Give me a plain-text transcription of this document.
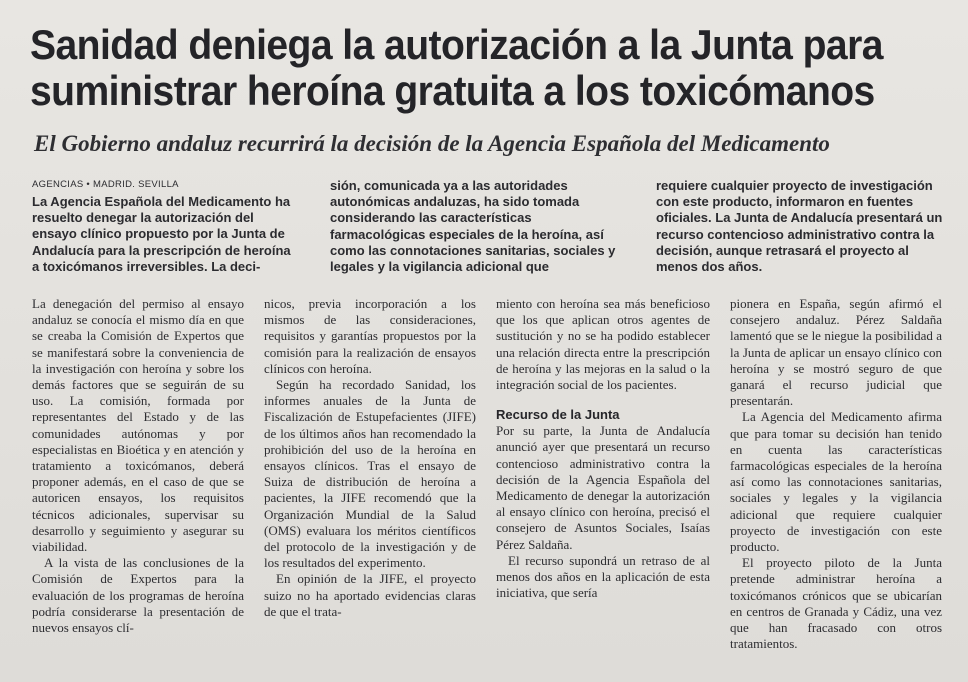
Sanidad deniega la autorización a la Junta para
suministrar heroína gratuita a los toxicómanos
El Gobierno andaluz recurrirá la decisión de la Agencia Española del Medicamento

AGENCIAS • MADRID. SEVILLA
La Agencia Española del Medicamento ha resuelto denegar la autorización del ensayo clínico propuesto por la Junta de Andalucía para la prescripción de heroína a toxicómanos irreversibles. La deci-

sión, comunicada ya a las autoridades autonómicas andaluzas, ha sido tomada considerando las características farmacológicas especiales de la heroína, así como las connotaciones sanitarias, sociales y legales y la vigilancia adicional que

requiere cualquier proyecto de investigación con este producto, informaron en fuentes oficiales. La Junta de Andalucía presentará un recurso contencioso administrativo contra la decisión, aunque retrasará el proyecto al menos dos años.

La denegación del permiso al ensayo andaluz se conocía el mismo día en que se creaba la Comisión de Expertos que se manifestará sobre la conveniencia de la investigación con heroína y sobre los demás factores que se seguirán de su uso. La comisión, formada por representantes del Estado y de las comunidades autónomas y por especialistas en Bioética y en atención y tratamiento a toxicómanos, deberá proponer además, en el caso de que se autoricen ensayos, los requisitos técnicos adicionales, supervisar su desarrollo y seguimiento y asegurar su viabilidad.

A la vista de las conclusiones de la Comisión de Expertos para la evaluación de los programas de heroína podría considerarse la presentación de nuevos ensayos clí-

nicos, previa incorporación a los mismos de las consideraciones, requisitos y garantías propuestos por la comisión para la realización de ensayos clínicos con heroína.

Según ha recordado Sanidad, los informes anuales de la Junta de Fiscalización de Estupefacientes (JIFE) de los últimos años han recomendado la prohibición del uso de la heroína en ensayos clínicos. Tras el ensayo de Suiza de distribución de heroína a pacientes, la JIFE recomendó que la Organización Mundial de la Salud (OMS) evaluara los méritos científicos del protocolo de la investigación y de los resultados del experimento.

En opinión de la JIFE, el proyecto suizo no ha aportado evidencias claras de que el trata-

miento con heroína sea más beneficioso que los que aplican otros agentes de sustitución y no se ha podido establecer una relación directa entre la prescripción de heroína y las mejoras en la salud o la integración social de los pacientes.

Recurso de la Junta

Por su parte, la Junta de Andalucía anunció ayer que presentará un recurso contencioso administrativo contra la decisión de la Agencia Española del Medicamento de denegar la autorización al ensayo clínico con heroína, precisó el consejero de Asuntos Sociales, Isaías Pérez Saldaña.

El recurso supondrá un retraso de al menos dos años en la aplicación de esta iniciativa, que sería

pionera en España, según afirmó el consejero andaluz. Pérez Saldaña lamentó que se le niegue la posibilidad a la Junta de aplicar un ensayo clínico con heroína y se mostró seguro de que ganará el recurso judicial que presentarán.

La Agencia del Medicamento afirma que para tomar su decisión han tenido en cuenta las características farmacológicas especiales de la heroína así como las connotaciones sanitarias, sociales y legales y la vigilancia adicional que requiere cualquier proyecto de investigación con este producto.

El proyecto piloto de la Junta pretende administrar heroína a toxicómanos crónicos que se ubicarían en centros de Granada y Cádiz, una vez que han fracasado con otros tratamientos.
